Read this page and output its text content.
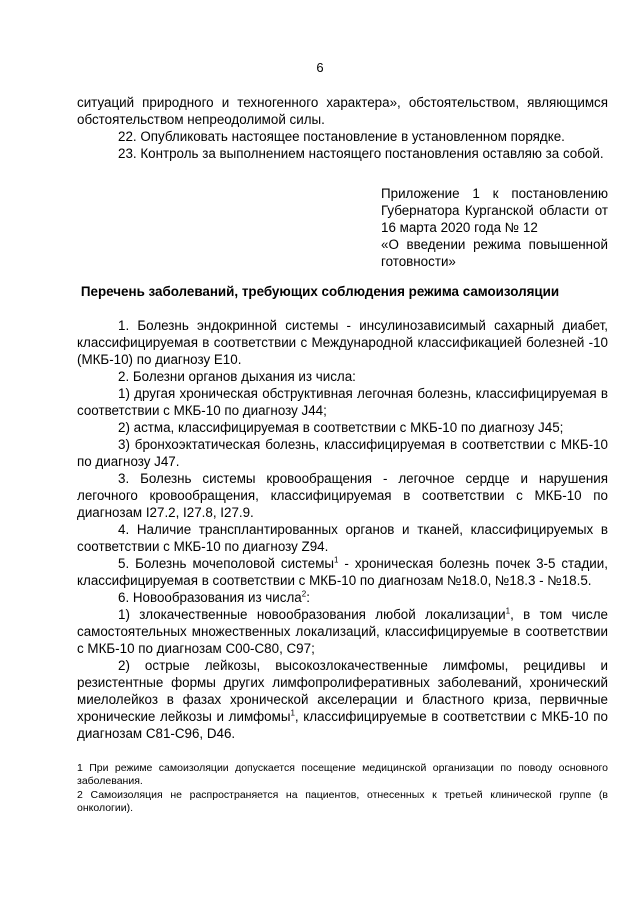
6

ситуаций природного и техногенного характера», обстоятельством, являющимся обстоятельством непреодолимой силы.

22. Опубликовать настоящее постановление в установленном порядке.

23. Контроль за выполнением настоящего постановления оставляю за собой.

Приложение 1 к постановлению Губернатора Курганской области от 16 марта 2020 года № 12

«О введении режима повышенной готовности»

Перечень заболеваний, требующих соблюдения режима самоизоляции

1. Болезнь эндокринной системы - инсулинозависимый сахарный диабет, классифицируемая в соответствии с Международной классификацией болезней -10 (МКБ-10) по диагнозу E10.

2. Болезни органов дыхания из числа:

1) другая хроническая обструктивная легочная болезнь, классифицируемая в соответствии с МКБ-10 по диагнозу J44;

2) астма, классифицируемая в соответствии с МКБ-10 по диагнозу J45;

3) бронхоэктатическая болезнь, классифицируемая в соответствии с МКБ-10 по диагнозу J47.

3. Болезнь системы кровообращения - легочное сердце и нарушения легочного кровообращения, классифицируемая в соответствии с МКБ-10 по диагнозам I27.2, I27.8, I27.9.

4. Наличие трансплантированных органов и тканей, классифицируемых в соответствии с МКБ-10 по диагнозу Z94.

5. Болезнь мочеполовой системы$^1$ - хроническая болезнь почек 3-5 стадии, классифицируемая в соответствии с МКБ-10 по диагнозам №18.0, №18.3 - №18.5.

6. Новообразования из числа$^2$:

1) злокачественные новообразования любой локализации$^1$, в том числе самостоятельных множественных локализаций, классифицируемые в соответствии с МКБ-10 по диагнозам C00-C80, C97;

2) острые лейкозы, высокозлокачественные лимфомы, рецидивы и резистентные формы других лимфопролиферативных заболеваний, хронический миелолейкоз в фазах хронической акселерации и бластного криза, первичные хронические лейкозы и лимфомы$^1$, классифицируемые в соответствии с МКБ-10 по диагнозам C81-C96, D46.

1 При режиме самоизоляции допускается посещение медицинской организации по поводу основного заболевания.

2 Самоизоляция не распространяется на пациентов, отнесенных к третьей клинической группе (в онкологии).
